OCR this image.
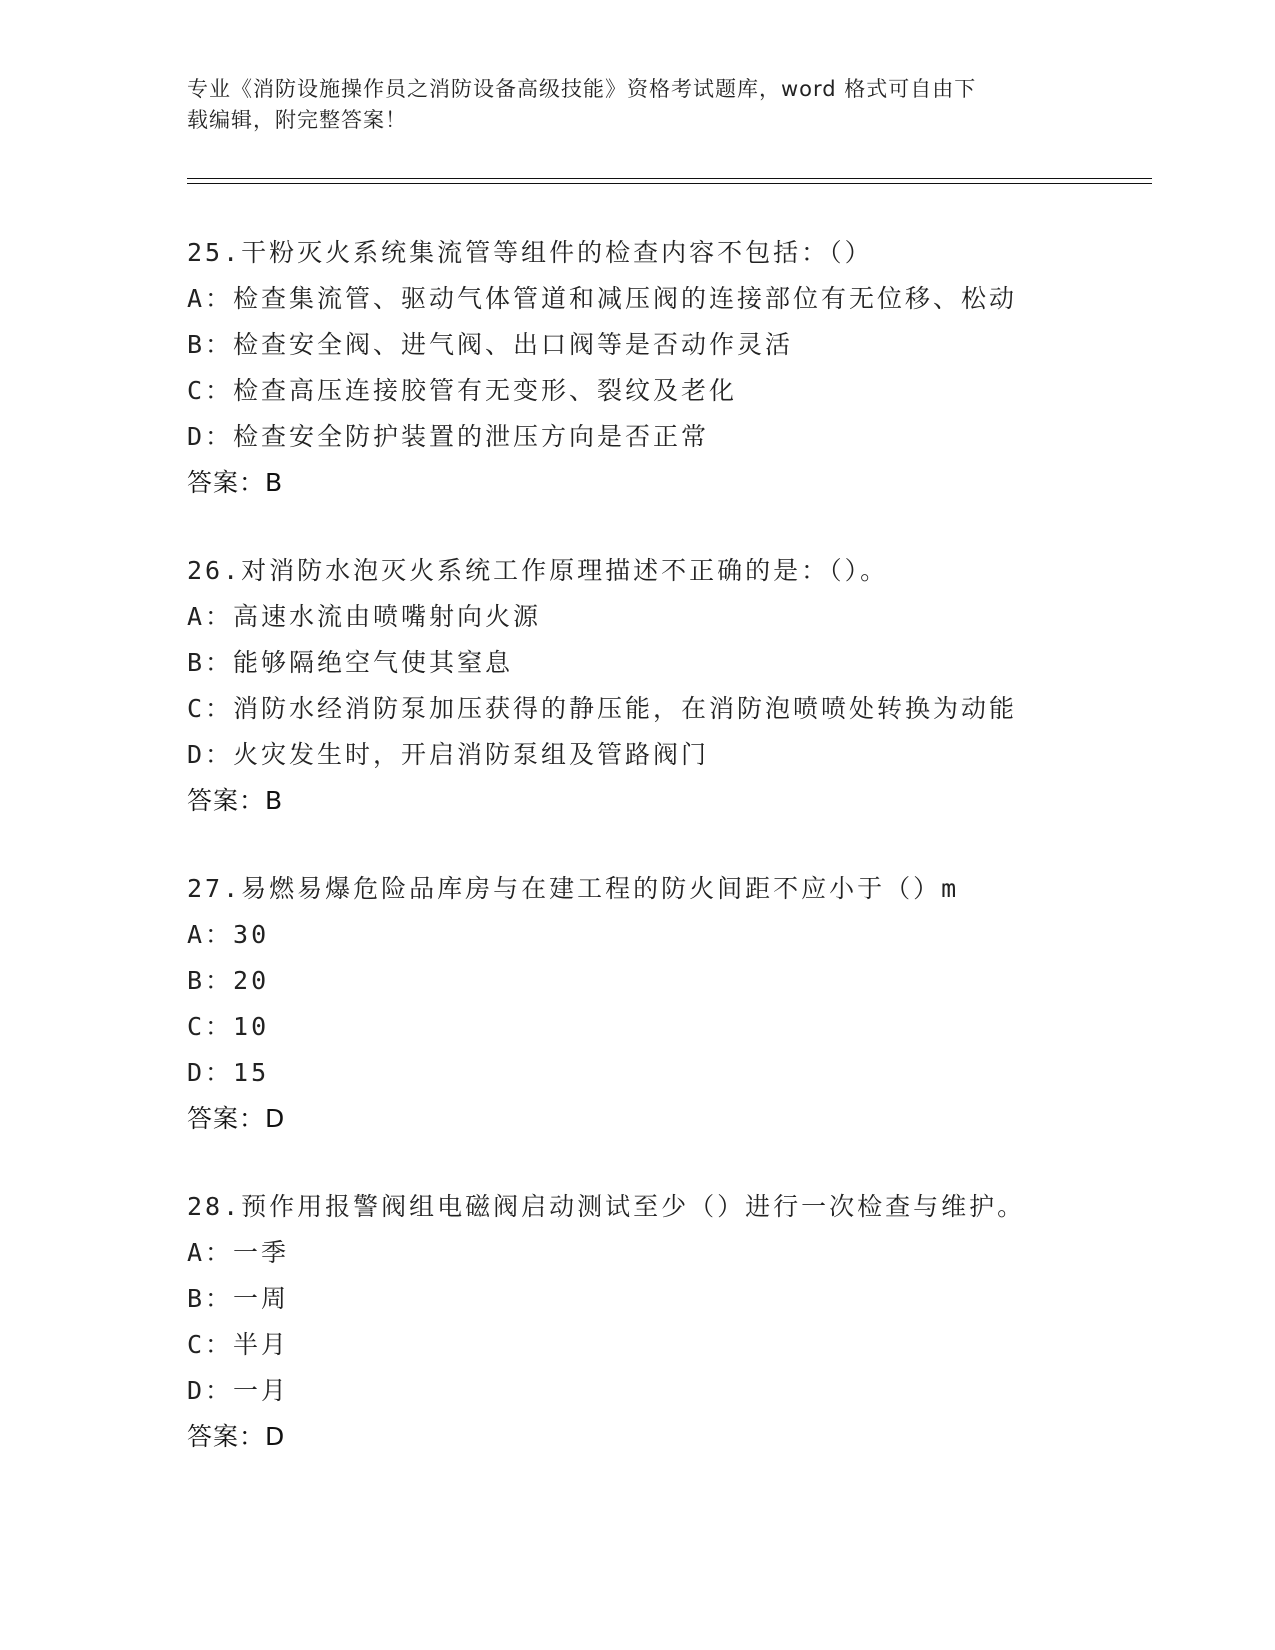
专业《消防设施操作员之消防设备高级技能》资格考试题库，word 格式可自由下
载编辑，附完整答案！
25.干粉灭火系统集流管等组件的检查内容不包括：（）
A：检查集流管、驱动气体管道和减压阀的连接部位有无位移、松动
B：检查安全阀、进气阀、出口阀等是否动作灵活
C：检查高压连接胶管有无变形、裂纹及老化
D：检查安全防护装置的泄压方向是否正常
答案：B
26.对消防水泡灭火系统工作原理描述不正确的是：（）。
A：高速水流由喷嘴射向火源
B：能够隔绝空气使其窒息
C：消防水经消防泵加压获得的静压能，在消防泡喷喷处转换为动能
D：火灾发生时，开启消防泵组及管路阀门
答案：B
27.易燃易爆危险品库房与在建工程的防火间距不应小于（）m
A：30
B：20
C：10
D：15
答案：D
28.预作用报警阀组电磁阀启动测试至少（）进行一次检查与维护。
A：一季
B：一周
C：半月
D：一月
答案：D
